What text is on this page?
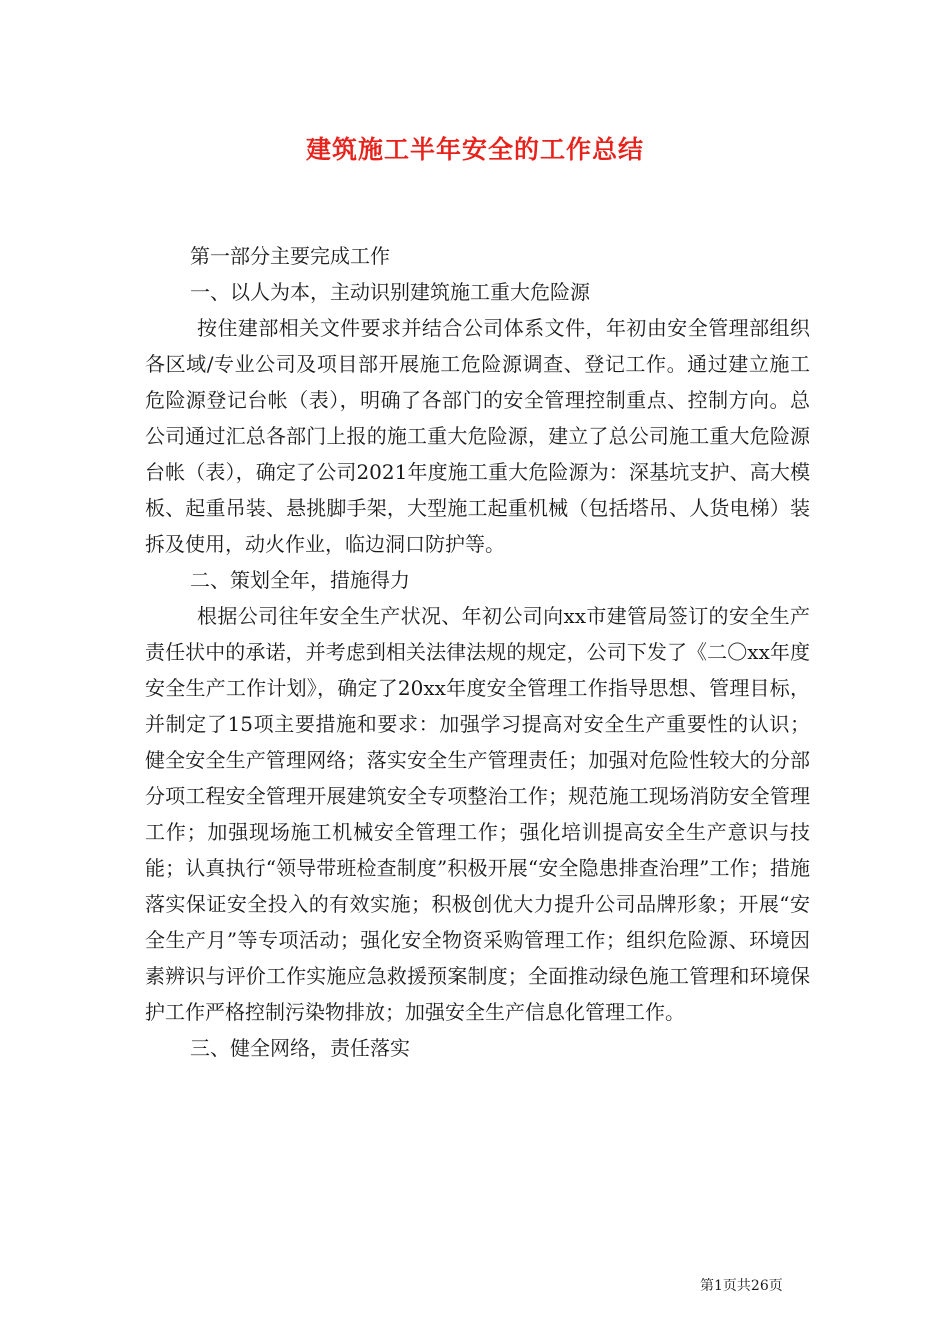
建筑施工半年安全的工作总结

第一部分主要完成工作

一、以人为本，主动识别建筑施工重大危险源

按住建部相关文件要求并结合公司体系文件，年初由安全管理部组织各区域/专业公司及项目部开展施工危险源调查、登记工作。通过建立施工危险源登记台帐（表），明确了各部门的安全管理控制重点、控制方向。总公司通过汇总各部门上报的施工重大危险源，建立了总公司施工重大危险源台帐（表），确定了公司2021年度施工重大危险源为：深基坑支护、高大模板、起重吊装、悬挑脚手架，大型施工起重机械（包括塔吊、人货电梯）装拆及使用，动火作业，临边洞口防护等。

二、策划全年，措施得力

根据公司往年安全生产状况、年初公司向xx市建管局签订的安全生产责任状中的承诺，并考虑到相关法律法规的规定，公司下发了《二〇xx年度安全生产工作计划》，确定了20xx年度安全管理工作指导思想、管理目标，并制定了15项主要措施和要求：加强学习提高对安全生产重要性的认识；健全安全生产管理网络；落实安全生产管理责任；加强对危险性较大的分部分项工程安全管理开展建筑安全专项整治工作；规范施工现场消防安全管理工作；加强现场施工机械安全管理工作；强化培训提高安全生产意识与技能；认真执行“领导带班检查制度”积极开展“安全隐患排查治理”工作；措施落实保证安全投入的有效实施；积极创优大力提升公司品牌形象；开展“安全生产月”等专项活动；强化安全物资采购管理工作；组织危险源、环境因素辨识与评价工作实施应急救援预案制度；全面推动绿色施工管理和环境保护工作严格控制污染物排放；加强安全生产信息化管理工作。

三、健全网络，责任落实

第1页共26页
